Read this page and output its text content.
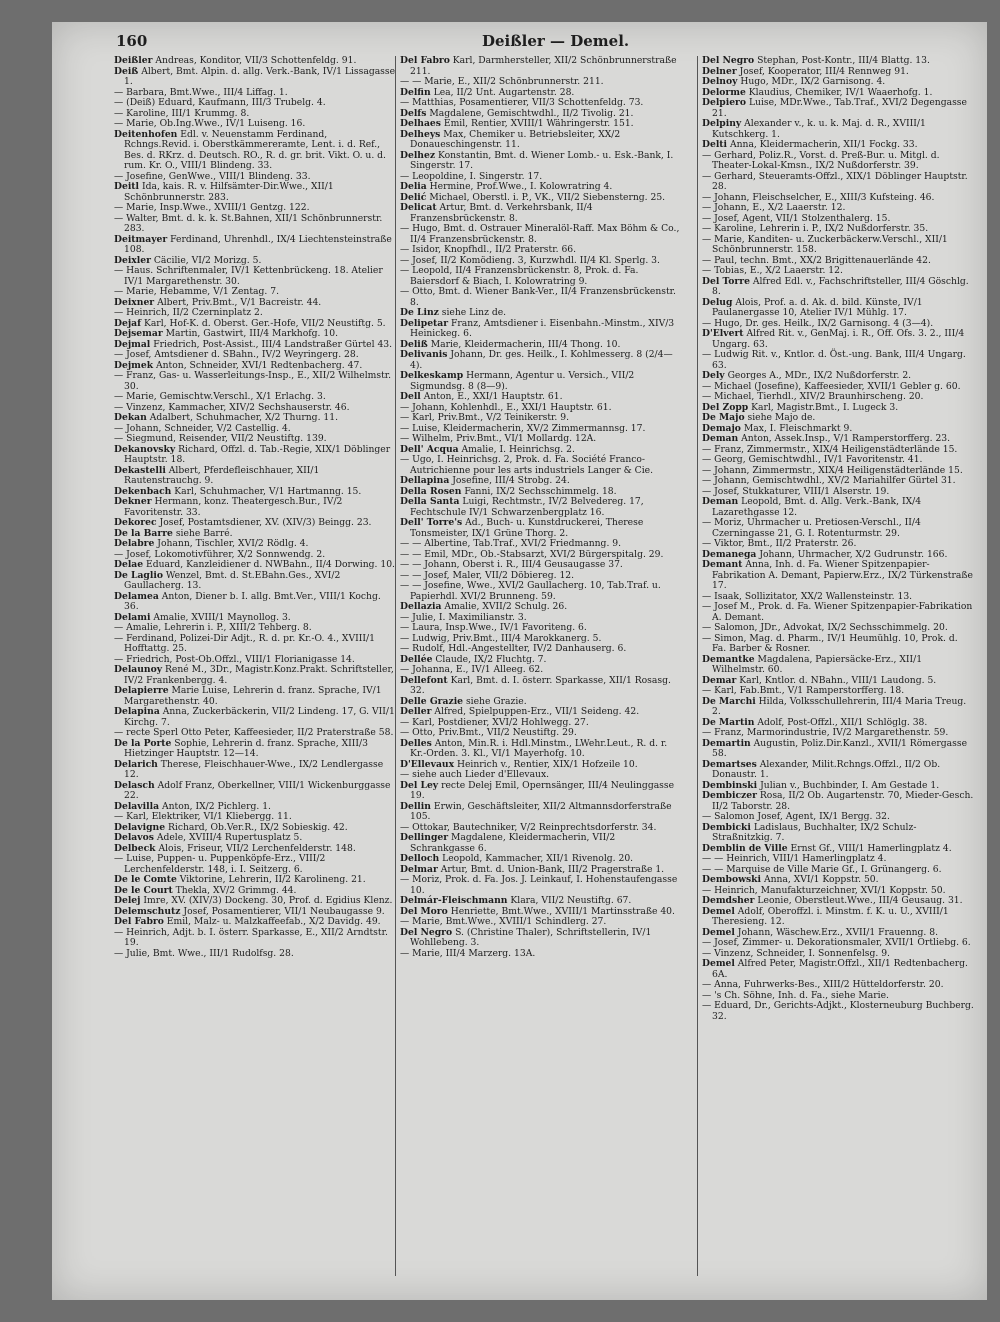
160	Deißler — Demel.
Deißler Andreas, Konditor, VII/3 Schottenfeldg. 91.
Deiß Albert, Bmt. Alpin. d. allg. Verk.-Bank, IV/1 Lissagasse 1.
— Barbara, Bmt.Wwe., III/4 Liffag. 1.
— (Deiß) Eduard, Kaufmann, III/3 Trubelg. 4.
— Karoline, III/1 Krummg. 8.
— Marie, Ob.Ing.Wwe., IV/1 Luiseng. 16.
Deitenhofen Edl. v. Neuenstamm Ferdinand, Rchngs.Revid. i. Oberstkämmereramte, Lent. i. d. Ref., Bes. d. RKrz. d. Deutsch. RO., R. d. gr. brit. Vikt. O. u. d. rum. Kr. O., VIII/1 Blindeng. 33.
— Josefine, GenWwe., VIII/1 Blindeng. 33.
Deitl Ida, kais. R. v. Hilfsämter-Dir.Wwe., XII/1 Schönbrunnerstr. 283.
— Marie, Insp.Wwe., XVIII/1 Gentzg. 122.
— Walter, Bmt. d. k. k. St.Bahnen, XII/1 Schönbrunnerstr. 283.
Deitmayer Ferdinand, Uhrenhdl., IX/4 Liechtensteinstraße 108.
Deixler Cäcilie, VI/2 Morizg. 5.
— Haus. Schriftenmaler, IV/1 Kettenbrückeng. 18. Atelier IV/1 Margarethenstr. 30.
— Marie, Hebamme, V/1 Zentag. 7.
Deixner Albert, Priv.Bmt., V/1 Bacreistr. 44.
— Heinrich, II/2 Czerninplatz 2.
Dejaf Karl, Hof-K. d. Oberst. Ger.-Hofe, VII/2 Neustiftg. 5.
Dejsemar Martin, Gastwirt, III/4 Markhofg. 10.
Dejmal Friedrich, Post-Assist., III/4 Landstraßer Gürtel 43.
— Josef, Amtsdiener d. SBahn., IV/2 Weyringerg. 28.
Dejmek Anton, Schneider, XVI/1 Redtenbacherg. 47.
— Franz, Gas- u. Wasserleitungs-Insp., E., XII/2 Wilhelmstr. 30.
— Marie, Gemischtw.Verschl., X/1 Erlachg. 3.
— Vinzenz, Kammacher, XIV/2 Sechshauserstr. 46.
Dekan Adalbert, Schuhmacher, X/2 Thurng. 11.
— Johann, Schneider, V/2 Castellig. 4.
— Siegmund, Reisender, VII/2 Neustiftg. 139.
Dekanovsky Richard, Offzl. d. Tab.-Regie, XIX/1 Döblinger Hauptstr. 18.
Dekastelli Albert, Pferdefleischhauer, XII/1 Rautenstrauchg. 9.
Dekenbach Karl, Schuhmacher, V/1 Hartmanng. 15.
Dekner Hermann, konz. Theatergesch.Bur., IV/2 Favoritenstr. 33.
Dekorec Josef, Postamtsdiener, XV. (XIV/3) Beingg. 23.
De la Barre siehe Barré.
Delabre Johann, Tischler, XVI/2 Rödlg. 4.
— Josef, Lokomotivführer, X/2 Sonnwendg. 2.
Delae Eduard, Kanzleidiener d. NWBahn., II/4 Dorwing. 10.
De Laglio Wenzel, Bmt. d. St.EBahn.Ges., XVI/2 Gaullacherg. 13.
Delamea Anton, Diener b. I. allg. Bmt.Ver., VIII/1 Kochg. 36.
Delami Amalie, XVIII/1 Maynollog. 3.
— Amalie, Lehrerin i. P., XIII/2 Tehberg. 8.
— Ferdinand, Polizei-Dir Adjt., R. d. pr. Kr.-O. 4., XVIII/1 Hofftattg. 25.
— Friedrich, Post-Ob.Offzl., VIII/1 Florianigasse 14.
Delaunoy René M., 3Dr., Magistr.Konz.Prakt. Schriftsteller, IV/2 Frankenbergg. 4.
Delapierre Marie Luise, Lehrerin d. franz. Sprache, IV/1 Margarethenstr. 40.
Delapina Anna, Zuckerbäckerin, VII/2 Lindeng. 17, G. VII/1 Kirchg. 7.
— recte Sperl Otto Peter, Kaffeesieder, II/2 Praterstraße 58.
De la Porte Sophie, Lehrerin d. franz. Sprache, XIII/3 Hietzinger Hauptstr. 12—14.
Delarich Therese, Fleischhauer-Wwe., IX/2 Lendlergasse 12.
Delasch Adolf Franz, Oberkellner, VIII/1 Wickenburggasse 22.
Delavilla Anton, IX/2 Pichlerg. 1.
— Karl, Elektriker, VI/1 Kliebergg. 11.
Delavigne Richard, Ob.Ver.R., IX/2 Sobieskig. 42.
Delavos Adele, XVIII/4 Rupertusplatz 5.
Delbeck Alois, Friseur, VII/2 Lerchenfelderstr. 148.
— Luise, Puppen- u. Puppenköpfe-Erz., VIII/2 Lerchenfelderstr. 148, i. I. Seitzerg. 6.
De le Comte Viktorine, Lehrerin, II/2 Karolineng. 21.
De le Court Thekla, XV/2 Grimmg. 44.
Delej Imre, XV. (XIV/3) Dockeng. 30, Prof. d. Egidius Klenz.
Delemschutz Josef, Posamentierer, VII/1 Neubaugasse 9.
Del Fabro Emil, Malz- u. Malzkaffeefab., X/2 Davidg. 49.
— Heinrich, Adjt. b. I. österr. Sparkasse, E., XII/2 Arndtstr. 19.
— Julie, Bmt. Wwe., III/1 Rudolfsg. 28.
Del Fabro Karl, Darmhersteller, XII/2 Schönbrunnerstraße 211.
— — Marie, E., XII/2 Schönbrunnerstr. 211.
Delfin Lea, II/2 Unt. Augartenstr. 28.
— Matthias, Posamentierer, VII/3 Schottenfeldg. 73.
Delfs Magdalene, Gemischtwdhl., II/2 Tivolig. 21.
Delhaes Emil, Rentier, XVIII/1 Währingerstr. 151.
Delheys Max, Chemiker u. Betriebsleiter, XX/2 Donaueschingenstr. 11.
Delhez Konstantin, Bmt. d. Wiener Lomb.- u. Esk.-Bank, I. Singerstr. 17.
— Leopoldine, I. Singerstr. 17.
Delia Hermine, Prof.Wwe., I. Kolowratring 4.
Delić Michael, Oberstl. i. P., VK., VII/2 Siebensterng. 25.
Delicat Artur, Bmt. d. Verkehrsbank, II/4 Franzensbrückenstr. 8.
— Hugo, Bmt. d. Ostrauer Mineralöl-Raff. Max Böhm & Co., II/4 Franzensbrückenstr. 8.
— Isidor, Knopfhdl., II/2 Praterstr. 66.
— Josef, II/2 Komödieng. 3, Kurzwhdl. II/4 Kl. Sperlg. 3.
— Leopold, II/4 Franzensbrückenstr. 8, Prok. d. Fa. Baiersdorf & Biach, I. Kolowratring 9.
— Otto, Bmt. d. Wiener Bank-Ver., II/4 Franzensbrückenstr. 8.
De Linz siehe Linz de.
Delipetar Franz, Amtsdiener i. Eisenbahn.-Minstm., XIV/3 Heinickeg. 6.
Deliß Marie, Kleidermacherin, III/4 Thong. 10.
Delivanis Johann, Dr. ges. Heilk., I. Kohlmesserg. 8 (2/4—4).
Delkeskamp Hermann, Agentur u. Versich., VII/2 Sigmundsg. 8 (8—9).
Dell Anton, E., XXI/1 Hauptstr. 61.
— Johann, Kohlenhdl., E., XXI/1 Hauptstr. 61.
— Karl, Priv.Bmt., V/2 Teinikerstr. 9.
— Luise, Kleidermacherin, XV/2 Zimmermannsg. 17.
— Wilhelm, Priv.Bmt., VI/1 Mollardg. 12A.
Dell' Acqua Amalie, I. Heinrichsg. 2.
— Ugo, I. Heinrichsg. 2, Prok. d. Fa. Société Franco-Autrichienne pour les arts industriels Langer & Cie.
Dellapina Josefine, III/4 Strobg. 24.
Della Rosen Fanni, IX/2 Sechsschimmelg. 18.
Della Santa Luigi, Rechtmstr., IV/2 Belvedereg. 17, Fechtschule IV/1 Schwarzenbergplatz 16.
Dell' Torre's Ad., Buch- u. Kunstdruckerei, Therese Tonsmeister, IX/1 Grüne Thorg. 2.
— — Albertine, Tab.Traf., XVI/2 Friedmanng. 9.
— — Emil, MDr., Ob.-Stabsarzt, XVI/2 Bürgerspitalg. 29.
— — Johann, Oberst i. R., III/4 Geusaugasse 37.
— — Josef, Maler, VII/2 Döbiereg. 12.
— — Josefine, Wwe., XVI/2 Gaullacherg. 10, Tab.Traf. u. Papierhdl. XVI/2 Brunneng. 59.
Dellazia Amalie, XVII/2 Schulg. 26.
— Julie, I. Maximilianstr. 3.
— Laura, Insp.Wwe., IV/1 Favoriteng. 6.
— Ludwig, Priv.Bmt., III/4 Marokkanerg. 5.
— Rudolf, Hdl.-Angestellter, IV/2 Danhauserg. 6.
Dellée Claude, IX/2 Fluchtg. 7.
— Johanna, E., IV/1 Alleeg. 62.
Dellefont Karl, Bmt. d. I. österr. Sparkasse, XII/1 Rosasg. 32.
Delle Grazie siehe Grazie.
Deller Alfred, Spielpuppen-Erz., VII/1 Seideng. 42.
— Karl, Postdiener, XVI/2 Hohlwegg. 27.
— Otto, Priv.Bmt., VII/2 Neustiftg. 29.
Delles Anton, Min.R. i. Hdl.Minstm., LWehr.Leut., R. d. r. Kr.-Orden. 3. Kl., VI/1 Mayerhofg. 10.
D'Ellevaux Heinrich v., Rentier, XIX/1 Hofzeile 10.
— siehe auch Lieder d'Ellevaux.
Del Ley recte Delej Emil, Opernsänger, III/4 Neulinggasse 19.
Dellin Erwin, Geschäftsleiter, XII/2 Altmannsdorferstraße 105.
— Ottokar, Bautechniker, V/2 Reinprechtsdorferstr. 34.
Dellinger Magdalene, Kleidermacherin, VII/2 Schrankgasse 6.
Delloch Leopold, Kammacher, XII/1 Rivenolg. 20.
Delmar Artur, Bmt. d. Union-Bank, III/2 Pragerstraße 1.
— Moriz, Prok. d. Fa. Jos. J. Leinkauf, I. Hohenstaufengasse 10.
Delmár-Fleischmann Klara, VII/2 Neustiftg. 67.
Del Moro Henriette, Bmt.Wwe., XVIII/1 Martinsstraße 40.
— Marie, Bmt.Wwe., XVIII/1 Schindlerg. 27.
Del Negro S. (Christine Thaler), Schriftstellerin, IV/1 Wohllebeng. 3.
— Marie, III/4 Marzerg. 13A.
Del Negro Stephan, Post-Kontr., III/4 Blattg. 13.
Delner Josef, Kooperator, III/4 Rennweg 91.
Delnoy Hugo, MDr., IX/2 Garnisong. 4.
Delorme Klaudius, Chemiker, IV/1 Waaerhofg. 1.
Delpiero Luise, MDr.Wwe., Tab.Traf., XVI/2 Degengasse 21.
Delpiny Alexander v., k. u. k. Maj. d. R., XVIII/1 Kutschkerg. 1.
Delti Anna, Kleidermacherin, XII/1 Fockg. 33.
— Gerhard, Poliz.R., Vorst. d. Preß-Bur. u. Mitgl. d. Theater-Lokal-Kmsn., IX/2 Nußdorferstr. 39.
— Gerhard, Steueramts-Offzl., XIX/1 Döblinger Hauptstr. 28.
— Johann, Fleischselcher, E., XIII/3 Kufsteing. 46.
— Johann, E., X/2 Laaerstr. 12.
— Josef, Agent, VII/1 Stolzenthalerg. 15.
— Karoline, Lehrerin i. P., IX/2 Nußdorferstr. 35.
— Marie, Kanditen- u. Zuckerbäckerw.Verschl., XII/1 Schönbrunnerstr. 158.
— Paul, techn. Bmt., XX/2 Brigittenauerlände 42.
— Tobias, E., X/2 Laaerstr. 12.
Del Torre Alfred Edl. v., Fachschriftsteller, III/4 Göschlg. 8.
Delug Alois, Prof. a. d. Ak. d. bild. Künste, IV/1 Paulanergasse 10, Atelier IV/1 Mühlg. 17.
— Hugo, Dr. ges. Heilk., IX/2 Garnisong. 4 (3—4).
D'Elvert Alfred Rit. v., GenMaj. i. R., Off. Ofs. 3. 2., III/4 Ungarg. 63.
— Ludwig Rit. v., Kntlor. d. Öst.-ung. Bank, III/4 Ungarg. 63.
Dely Georges A., MDr., IX/2 Nußdorferstr. 2.
— Michael (Josefine), Kaffeesieder, XVII/1 Gebler g. 60.
— Michael, Tierhdl., XIV/2 Braunhirscheng. 20.
Del Zopp Karl, Magistr.Bmt., I. Lugeck 3.
De Majo siehe Majo de.
Demajo Max, I. Fleischmarkt 9.
Deman Anton, Assek.Insp., V/1 Ramperstorfferg. 23.
— Franz, Zimmermstr., XIX/4 Heiligenstädterlände 15.
— Georg, Gemischtwdhl., IV/1 Favoritenstr. 41.
— Johann, Zimmermstr., XIX/4 Heiligenstädterlände 15.
— Johann, Gemischtwdhl., XV/2 Mariahilfer Gürtel 31.
— Josef, Stukkaturer, VIII/1 Alserstr. 19.
Deman Leopold, Bmt. d. Allg. Verk.-Bank, IX/4 Lazarethgasse 12.
— Moriz, Uhrmacher u. Pretiosen-Verschl., II/4 Czerningasse 21, G. I. Rotenturmstr. 29.
— Viktor, Bmt., II/2 Praterstr. 26.
Demanega Johann, Uhrmacher, X/2 Gudrunstr. 166.
Demant Anna, Inh. d. Fa. Wiener Spitzenpapier-Fabrikation A. Demant, Papierw.Erz., IX/2 Türkenstraße 17.
— Isaak, Sollizitator, XX/2 Wallensteinstr. 13.
— Josef M., Prok. d. Fa. Wiener Spitzenpapier-Fabrikation A. Demant.
— Salomon, JDr., Advokat, IX/2 Sechsschimmelg. 20.
— Simon, Mag. d. Pharm., IV/1 Heumühlg. 10, Prok. d. Fa. Barber & Rosner.
Demantke Magdalena, Papiersäcke-Erz., XII/1 Wilhelmstr. 60.
Demar Karl, Kntlor. d. NBahn., VIII/1 Laudong. 5.
— Karl, Fab.Bmt., V/1 Ramperstorfferg. 18.
De Marchi Hilda, Volksschullehrerin, III/4 Maria Treug. 2.
De Martin Adolf, Post-Offzl., XII/1 Schlöglg. 38.
— Franz, Marmorindustrie, IV/2 Margarethenstr. 59.
Demartin Augustin, Poliz.Dir.Kanzl., XVII/1 Römergasse 58.
Demartses Alexander, Milit.Rchngs.Offzl., II/2 Ob. Donaustr. 1.
Dembinski Julian v., Buchbinder, I. Am Gestade 1.
Dembiczer Rosa, II/2 Ob. Augartenstr. 70, Mieder-Gesch. II/2 Taborstr. 28.
— Salomon Josef, Agent, IX/1 Bergg. 32.
Dembicki Ladislaus, Buchhalter, IX/2 Schulz-Straßnitzkig. 7.
Demblin de Ville Ernst Gf., VIII/1 Hamerlingplatz 4.
— — Heinrich, VIII/1 Hamerlingplatz 4.
— — Marquise de Ville Marie Gf., I. Grünangerg. 6.
Dembowski Anna, XVI/1 Koppstr. 50.
— Heinrich, Manufakturzeichner, XVI/1 Koppstr. 50.
Demdsher Leonie, Oberstleut.Wwe., III/4 Geusaug. 31.
Demel Adolf, Oberoffzl. i. Minstm. f. K. u. U., XVIII/1 Theresieng. 12.
Demel Johann, Wäschew.Erz., XVII/1 Frauenng. 8.
— Josef, Zimmer- u. Dekorationsmaler, XVII/1 Ortliebg. 6.
— Vinzenz, Schneider, I. Sonnenfelsg. 9.
Demel Alfred Peter, Magistr.Offzl., XII/1 Redtenbacherg. 6A.
— Anna, Fuhrwerks-Bes., XIII/2 Hütteldorferstr. 20.
— 's Ch. Söhne, Inh. d. Fa., siehe Marie.
— Eduard, Dr., Gerichts-Adjkt., Klosterneuburg Buchberg. 32.
